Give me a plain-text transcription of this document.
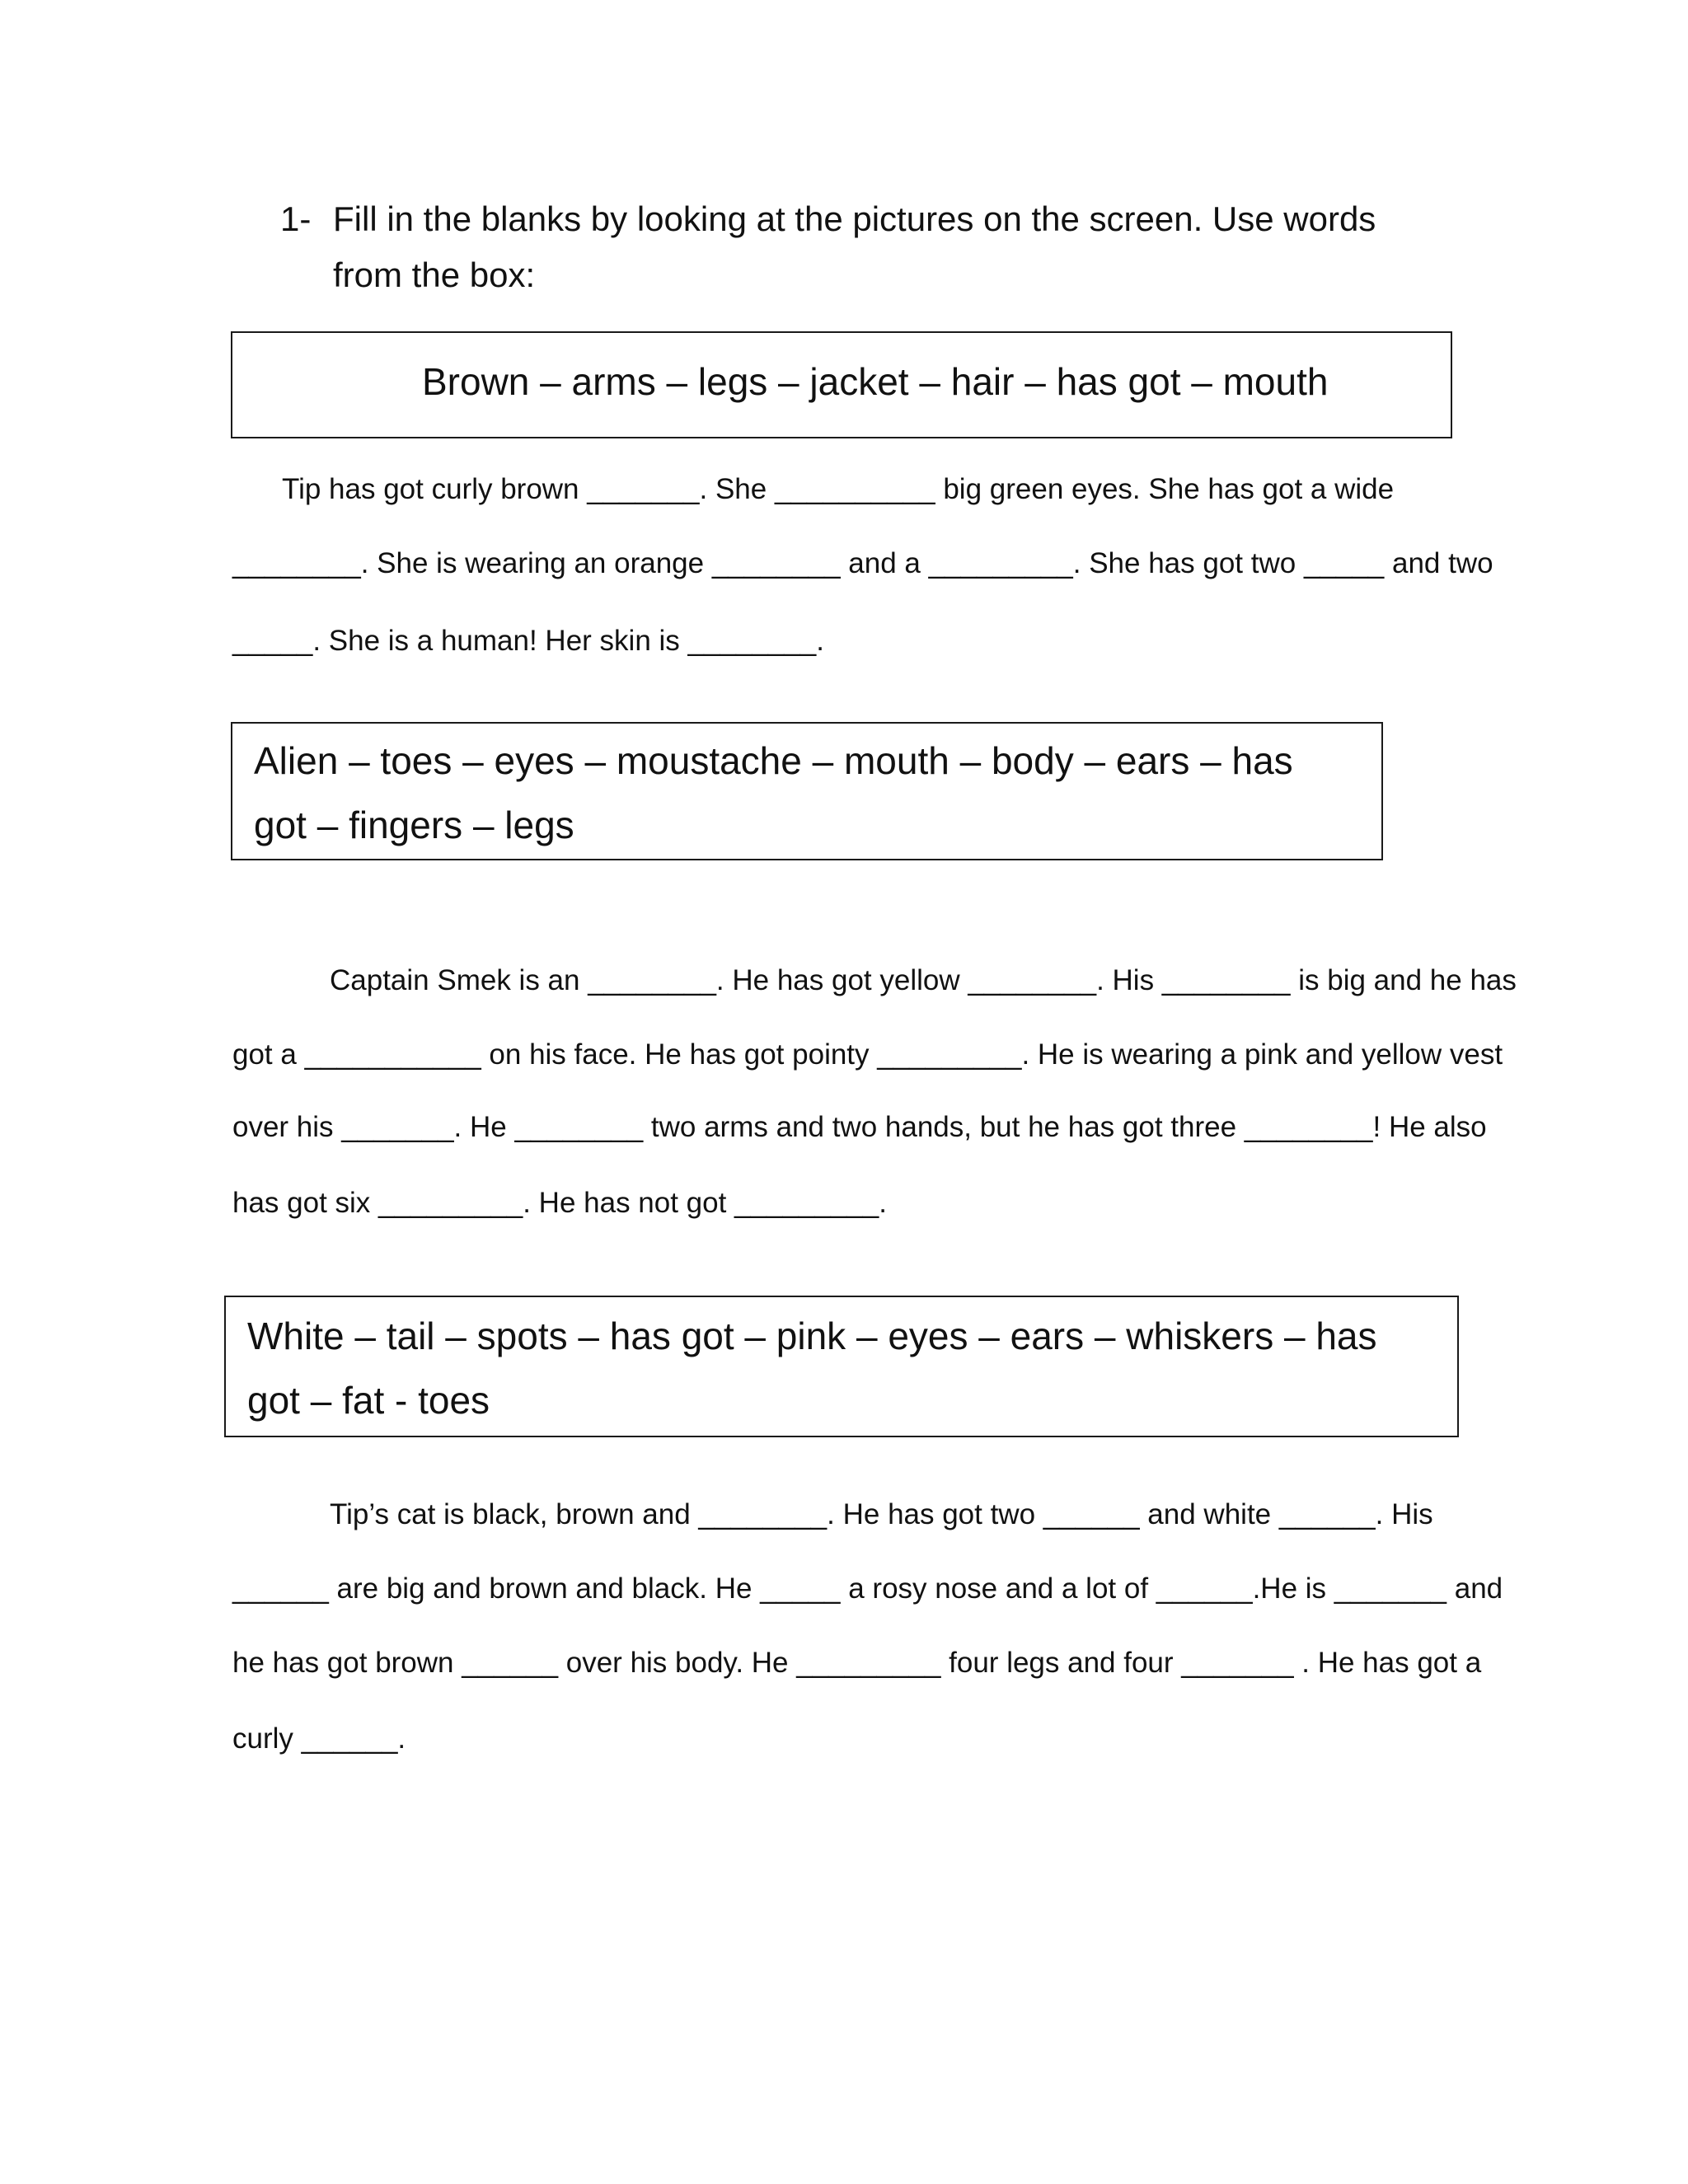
1- Fill in the blanks by looking at the pictures on the screen. Use words
from the box:
Brown – arms – legs – jacket – hair – has got – mouth
Tip has got curly brown _______. She __________ big green eyes. She has got a wide
________. She is wearing an orange ________ and a _________. She has got two _____ and two
_____. She is a human! Her skin is ________.
Alien – toes – eyes – moustache – mouth – body – ears – has
got – fingers – legs
Captain Smek is an ________. He has got yellow ________. His ________ is big and he has
got a ___________ on his face. He has got pointy _________. He is wearing a pink and yellow vest
over his _______. He ________ two arms and two hands, but he has got three ________! He also
has got six _________. He has not got _________.
White – tail – spots – has got – pink – eyes – ears – whiskers – has
got – fat - toes
Tip’s cat is black, brown and ________. He has got two ______ and white ______. His
______ are big and brown and black. He _____ a rosy nose and a lot of ______.He is _______ and
he has got brown ______ over his body. He _________ four legs and four _______ . He has got a
curly ______.
